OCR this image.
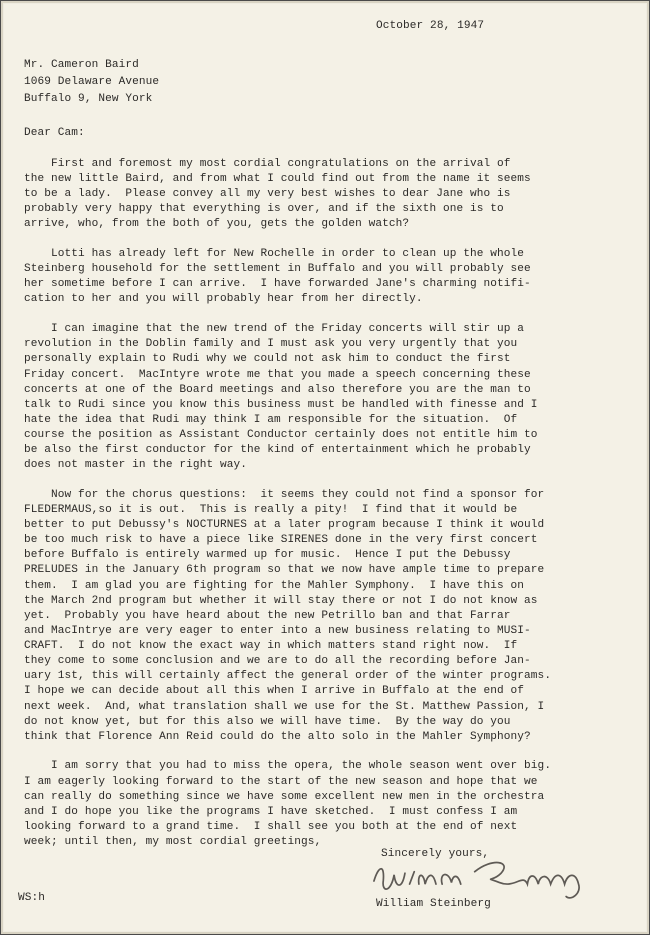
October 28, 1947
Mr. Cameron Baird
1069 Delaware Avenue
Buffalo 9, New York
Dear Cam:
First and foremost my most cordial congratulations on the arrival of
the new little Baird, and from what I could find out from the name it seems
to be a lady.  Please convey all my very best wishes to dear Jane who is
probably very happy that everything is over, and if the sixth one is to
arrive, who, from the both of you, gets the golden watch?
Lotti has already left for New Rochelle in order to clean up the whole
Steinberg household for the settlement in Buffalo and you will probably see
her sometime before I can arrive.  I have forwarded Jane's charming notifi-
cation to her and you will probably hear from her directly.
I can imagine that the new trend of the Friday concerts will stir up a
revolution in the Doblin family and I must ask you very urgently that you
personally explain to Rudi why we could not ask him to conduct the first
Friday concert.  MacIntyre wrote me that you made a speech concerning these
concerts at one of the Board meetings and also therefore you are the man to
talk to Rudi since you know this business must be handled with finesse and I
hate the idea that Rudi may think I am responsible for the situation.  Of
course the position as Assistant Conductor certainly does not entitle him to
be also the first conductor for the kind of entertainment which he probably
does not master in the right way.
Now for the chorus questions:  it seems they could not find a sponsor for
FLEDERMAUS,so it is out.  This is really a pity!  I find that it would be
better to put Debussy's NOCTURNES at a later program because I think it would
be too much risk to have a piece like SIRENES done in the very first concert
before Buffalo is entirely warmed up for music.  Hence I put the Debussy
PRELUDES in the January 6th program so that we now have ample time to prepare
them.  I am glad you are fighting for the Mahler Symphony.  I have this on
the March 2nd program but whether it will stay there or not I do not know as
yet.  Probably you have heard about the new Petrillo ban and that Farrar
and MacIntrye are very eager to enter into a new business relating to MUSI-
CRAFT.  I do not know the exact way in which matters stand right now.  If
they come to some conclusion and we are to do all the recording before Jan-
uary 1st, this will certainly affect the general order of the winter programs.
I hope we can decide about all this when I arrive in Buffalo at the end of
next week.  And, what translation shall we use for the St. Matthew Passion, I
do not know yet, but for this also we will have time.  By the way do you
think that Florence Ann Reid could do the alto solo in the Mahler Symphony?
I am sorry that you had to miss the opera, the whole season went over big.
I am eagerly looking forward to the start of the new season and hope that we
can really do something since we have some excellent new men in the orchestra
and I do hope you like the programs I have sketched.  I must confess I am
looking forward to a grand time.  I shall see you both at the end of next
week; until then, my most cordial greetings,
Sincerely yours,
WS:h	William Steinberg
